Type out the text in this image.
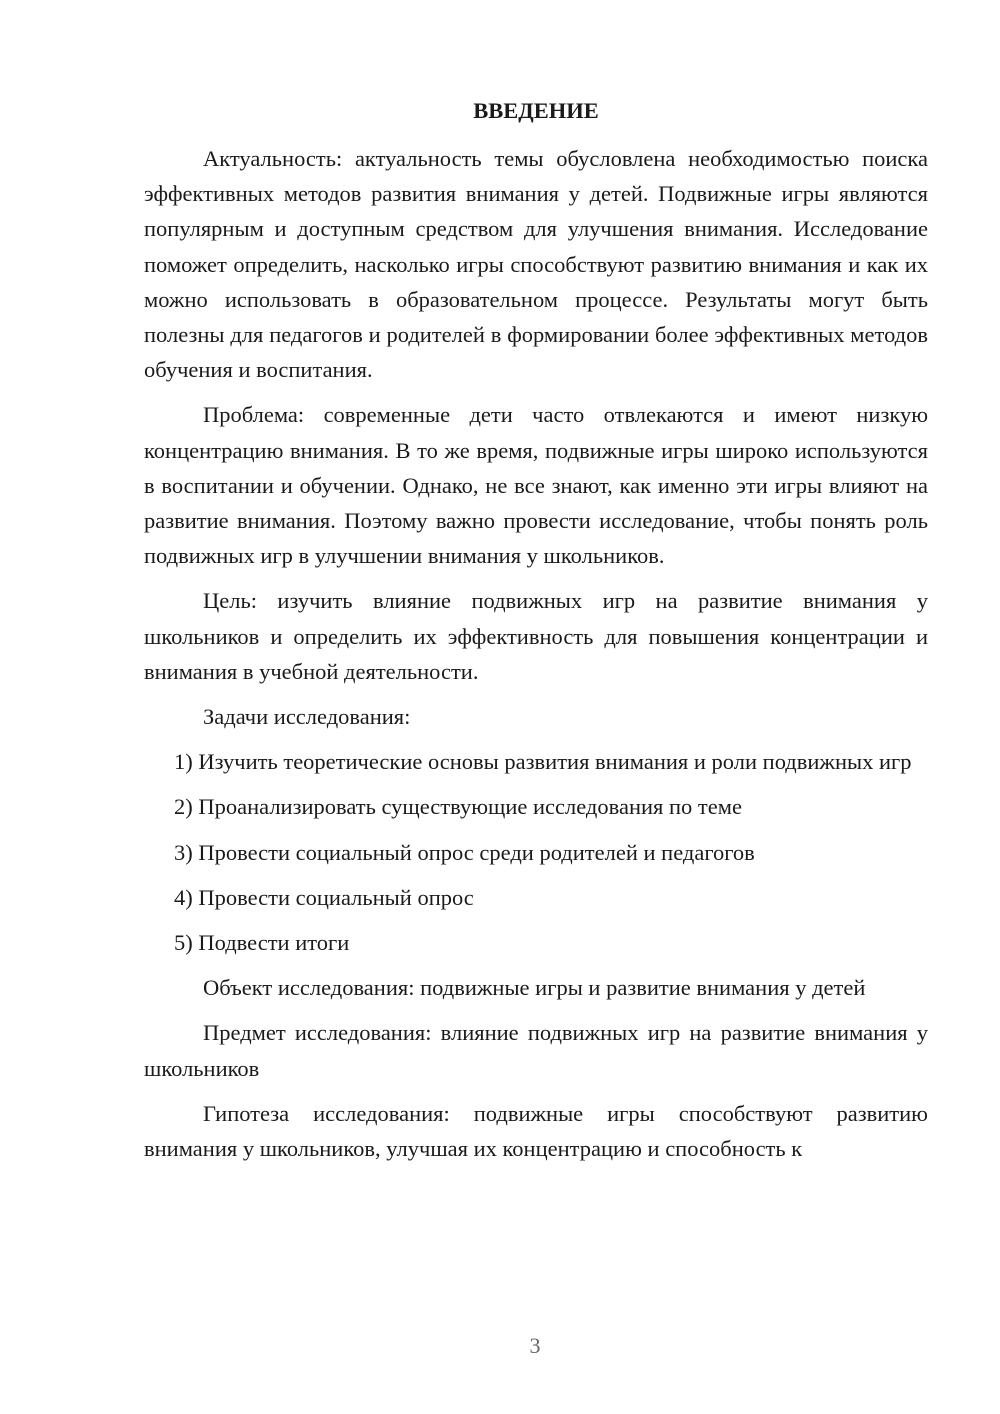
ВВЕДЕНИЕ

Актуальность: актуальность темы обусловлена необходимостью поиска эффективных методов развития внимания у детей. Подвижные игры являются популярным и доступным средством для улучшения внимания. Исследование поможет определить, насколько игры способствуют развитию внимания и как их можно использовать в образовательном процессе. Результаты могут быть полезны для педагогов и родителей в формировании более эффективных методов обучения и воспитания.

Проблема: современные дети часто отвлекаются и имеют низкую концентрацию внимания. В то же время, подвижные игры широко используются в воспитании и обучении. Однако, не все знают, как именно эти игры влияют на развитие внимания. Поэтому важно провести исследование, чтобы понять роль подвижных игр в улучшении внимания у школьников.

Цель: изучить влияние подвижных игр на развитие внимания у школьников и определить их эффективность для повышения концентрации и внимания в учебной деятельности.

Задачи исследования:

1) Изучить теоретические основы развития внимания и роли подвижных игр

2) Проанализировать существующие исследования по теме

3) Провести социальный опрос среди родителей и педагогов

4) Провести социальный опрос

5) Подвести итоги

Объект исследования: подвижные игры и развитие внимания у детей

Предмет исследования: влияние подвижных игр на развитие внимания у школьников

Гипотеза исследования: подвижные игры способствуют развитию внимания у школьников, улучшая их концентрацию и способность к

3
